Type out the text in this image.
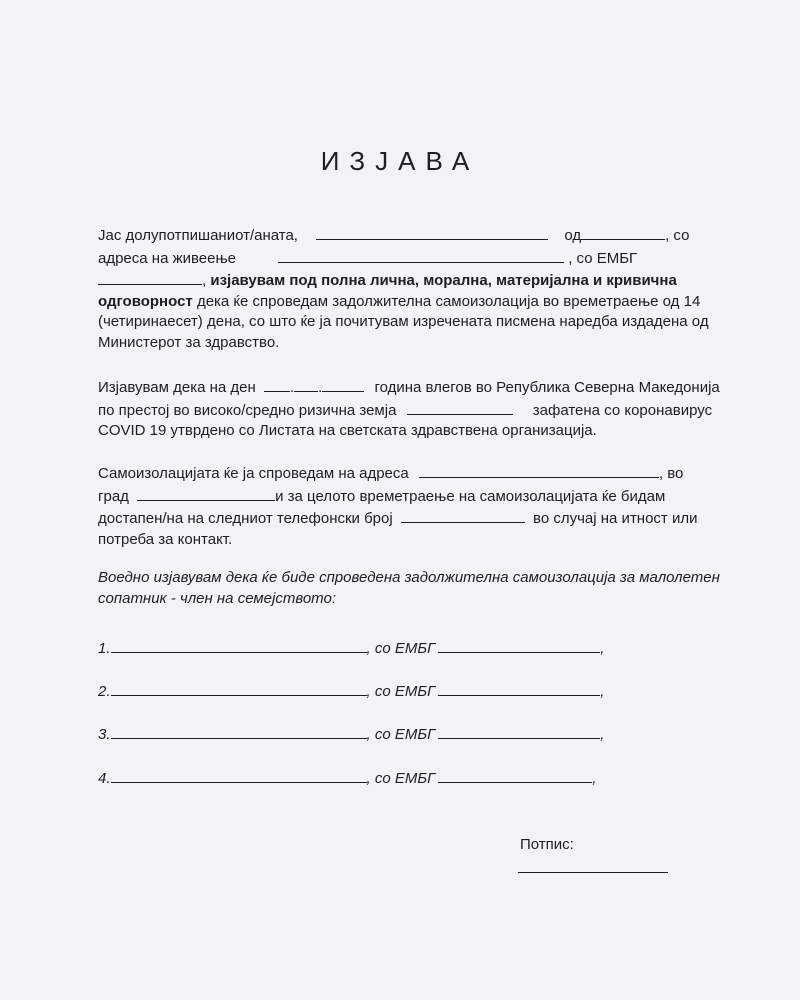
ИЗЈАВА
Јас долупотпишаниот/аната,	од	, со
адреса на живеење	, со ЕМБГ
, изјавувам под полна лична, морална, материјална и кривична
одговорност дека ќе спроведам задолжителна самоизолација во времетраење од 14
(четиринаесет) дена, со што ќе ја почитувам изречената писмена наредба издадена од
Министерот за здравство.
Изјавувам дека на ден . .	година влегов во Република Северна Македонија
по престој во високо/средно ризична земја	зафатена со коронавирус
COVID 19 утврдено со Листата на светската здравствена организација.
Самоизолацијата ќе ја спроведам на адреса	, во
град	и за целото времетраење на самоизолацијата ќе бидам
достапен/на на следниот телефонски број	во случај на итност или
потреба за контакт.
Воедно изјавувам дека ќе биде спроведена задолжителна самоизолација за малолетен
сопатник - член на семејството:
1.	, со ЕМБГ	,
2.	, со ЕМБГ	,
3.	, со ЕМБГ	,
4.	, со ЕМБГ	,
Потпис:
